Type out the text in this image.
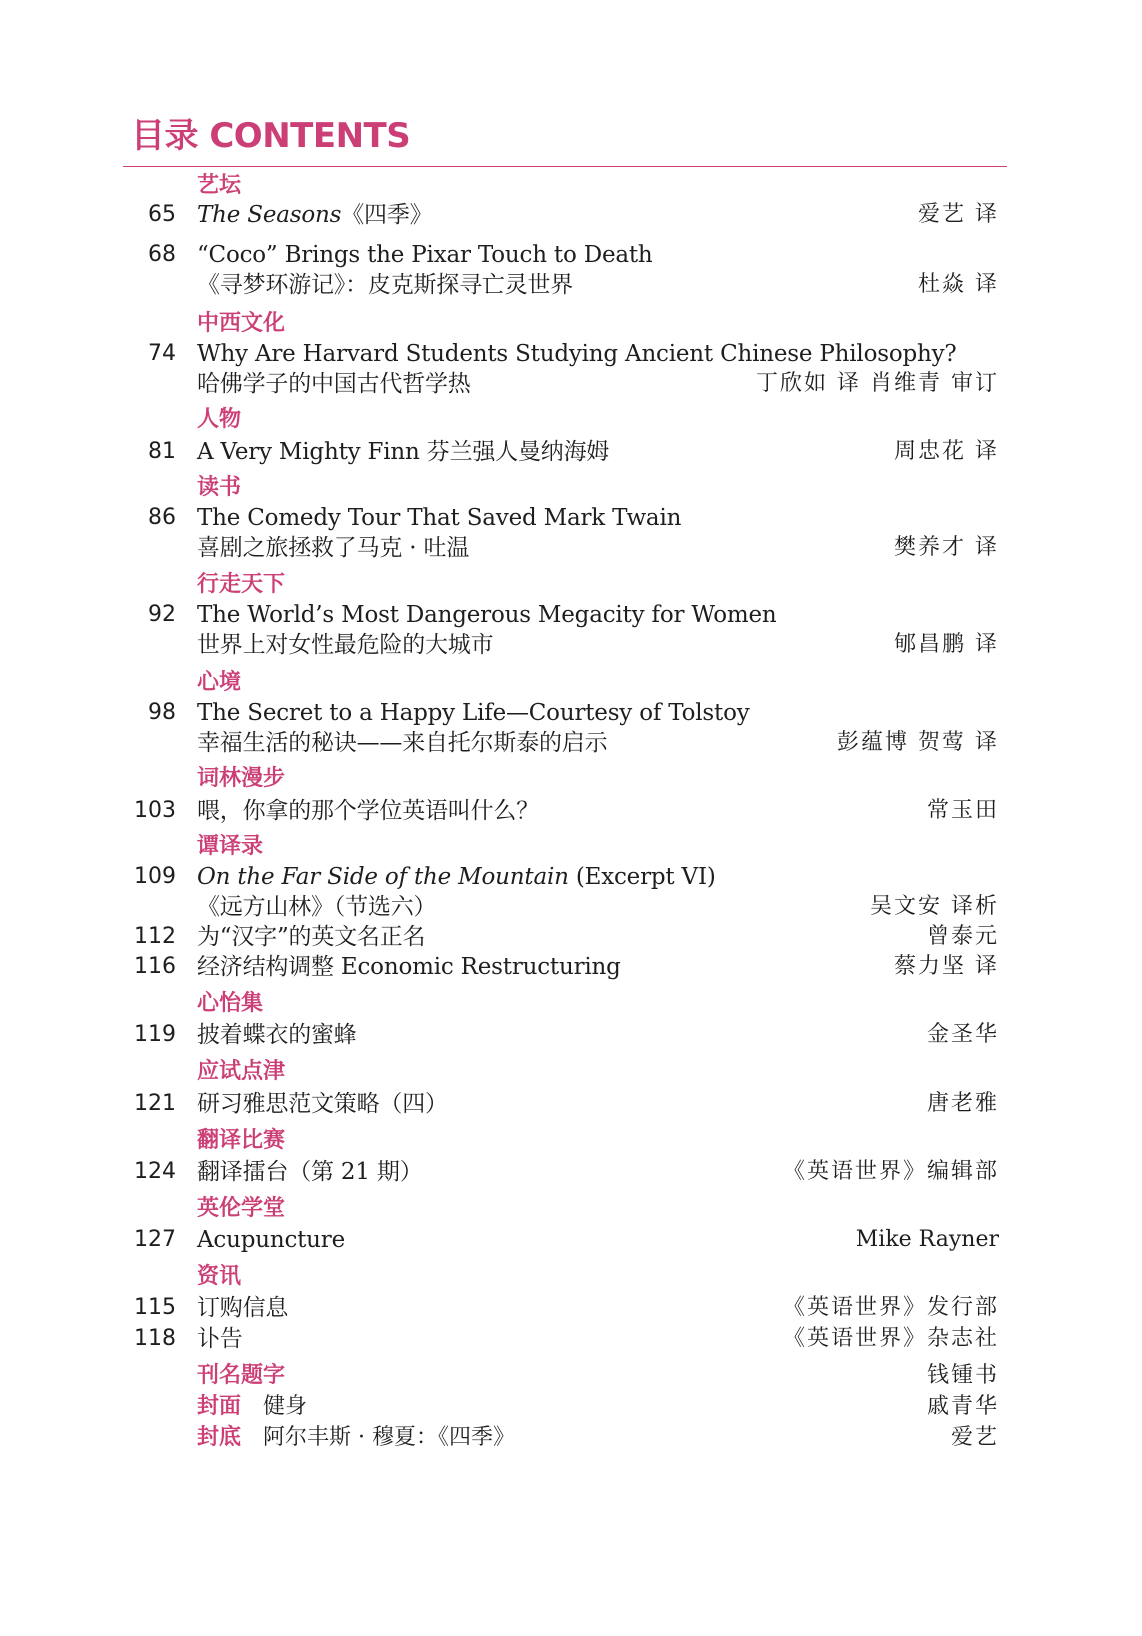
目录 CONTENTS
艺坛
65 The Seasons《四季》	爱艺 译
68 “Coco” Brings the Pixar Touch to Death
《寻梦环游记》：皮克斯探寻亡灵世界	杜焱 译
中西文化
74 Why Are Harvard Students Studying Ancient Chinese Philosophy?
哈佛学子的中国古代哲学热	丁欣如 译 肖维青 审订
人物
81 A Very Mighty Finn 芬兰强人曼纳海姆	周忠花 译
读书
86 The Comedy Tour That Saved Mark Twain
喜剧之旅拯救了马克 · 吐温	樊养才 译
行走天下
92 The World’s Most Dangerous Megacity for Women
世界上对女性最危险的大城市	郇昌鹏 译
心境
98 The Secret to a Happy Life—Courtesy of Tolstoy
幸福生活的秘诀——来自托尔斯泰的启示	彭蕴博 贺莺 译
词林漫步
103 喂，你拿的那个学位英语叫什么？	常玉田
谭译录
109 On the Far Side of the Mountain (Excerpt VI)
《远方山林》（节选六）	吴文安 译析
112 为“汉字”的英文名正名	曾泰元
116 经济结构调整 Economic Restructuring	蔡力坚 译
心怡集
119 披着蝶衣的蜜蜂	金圣华
应试点津
121 研习雅思范文策略（四）	唐老雅
翻译比赛
124 翻译擂台（第 21 期）	《英语世界》编辑部
英伦学堂
127 Acupuncture	Mike Rayner
资讯
115 订购信息	《英语世界》发行部
118 讣告	《英语世界》杂志社
刊名题字	钱锺书
封面 健身	戚青华
封底 阿尔丰斯 · 穆夏：《四季》	爱艺
